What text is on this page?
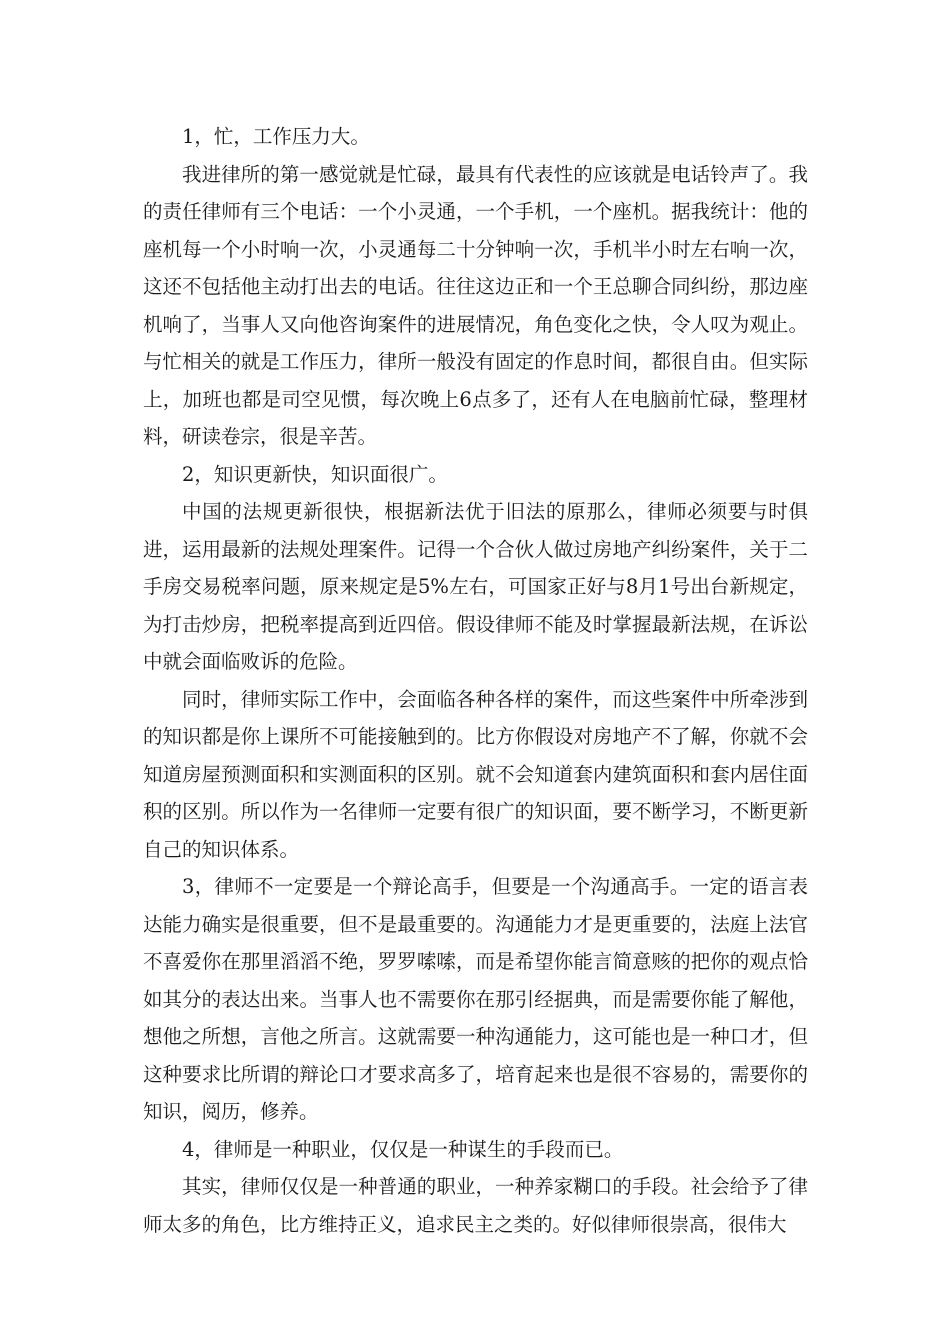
1，忙，工作压力大。

我进律所的第一感觉就是忙碌，最具有代表性的应该就是电话铃声了。我的责任律师有三个电话：一个小灵通，一个手机，一个座机。据我统计：他的座机每一个小时响一次，小灵通每二十分钟响一次，手机半小时左右响一次，这还不包括他主动打出去的电话。往往这边正和一个王总聊合同纠纷，那边座机响了，当事人又向他咨询案件的进展情况，角色变化之快，令人叹为观止。与忙相关的就是工作压力，律所一般没有固定的作息时间，都很自由。但实际上，加班也都是司空见惯，每次晚上6点多了，还有人在电脑前忙碌，整理材料，研读卷宗，很是辛苦。

2，知识更新快，知识面很广。

中国的法规更新很快，根据新法优于旧法的原那么，律师必须要与时俱进，运用最新的法规处理案件。记得一个合伙人做过房地产纠纷案件，关于二手房交易税率问题，原来规定是5%左右，可国家正好与8月1号出台新规定，为打击炒房，把税率提高到近四倍。假设律师不能及时掌握最新法规，在诉讼中就会面临败诉的危险。

同时，律师实际工作中，会面临各种各样的案件，而这些案件中所牵涉到的知识都是你上课所不可能接触到的。比方你假设对房地产不了解，你就不会知道房屋预测面积和实测面积的区别。就不会知道套内建筑面积和套内居住面积的区别。所以作为一名律师一定要有很广的知识面，要不断学习，不断更新自己的知识体系。

3，律师不一定要是一个辩论高手，但要是一个沟通高手。一定的语言表达能力确实是很重要，但不是最重要的。沟通能力才是更重要的，法庭上法官不喜爱你在那里滔滔不绝，罗罗嗦嗦，而是希望你能言简意赅的把你的观点恰如其分的表达出来。当事人也不需要你在那引经据典，而是需要你能了解他，想他之所想，言他之所言。这就需要一种沟通能力，这可能也是一种口才，但这种要求比所谓的辩论口才要求高多了，培育起来也是很不容易的，需要你的知识，阅历，修养。

4，律师是一种职业，仅仅是一种谋生的手段而已。

其实，律师仅仅是一种普通的职业，一种养家糊口的手段。社会给予了律师太多的角色，比方维持正义，追求民主之类的。好似律师很崇高，很伟大
